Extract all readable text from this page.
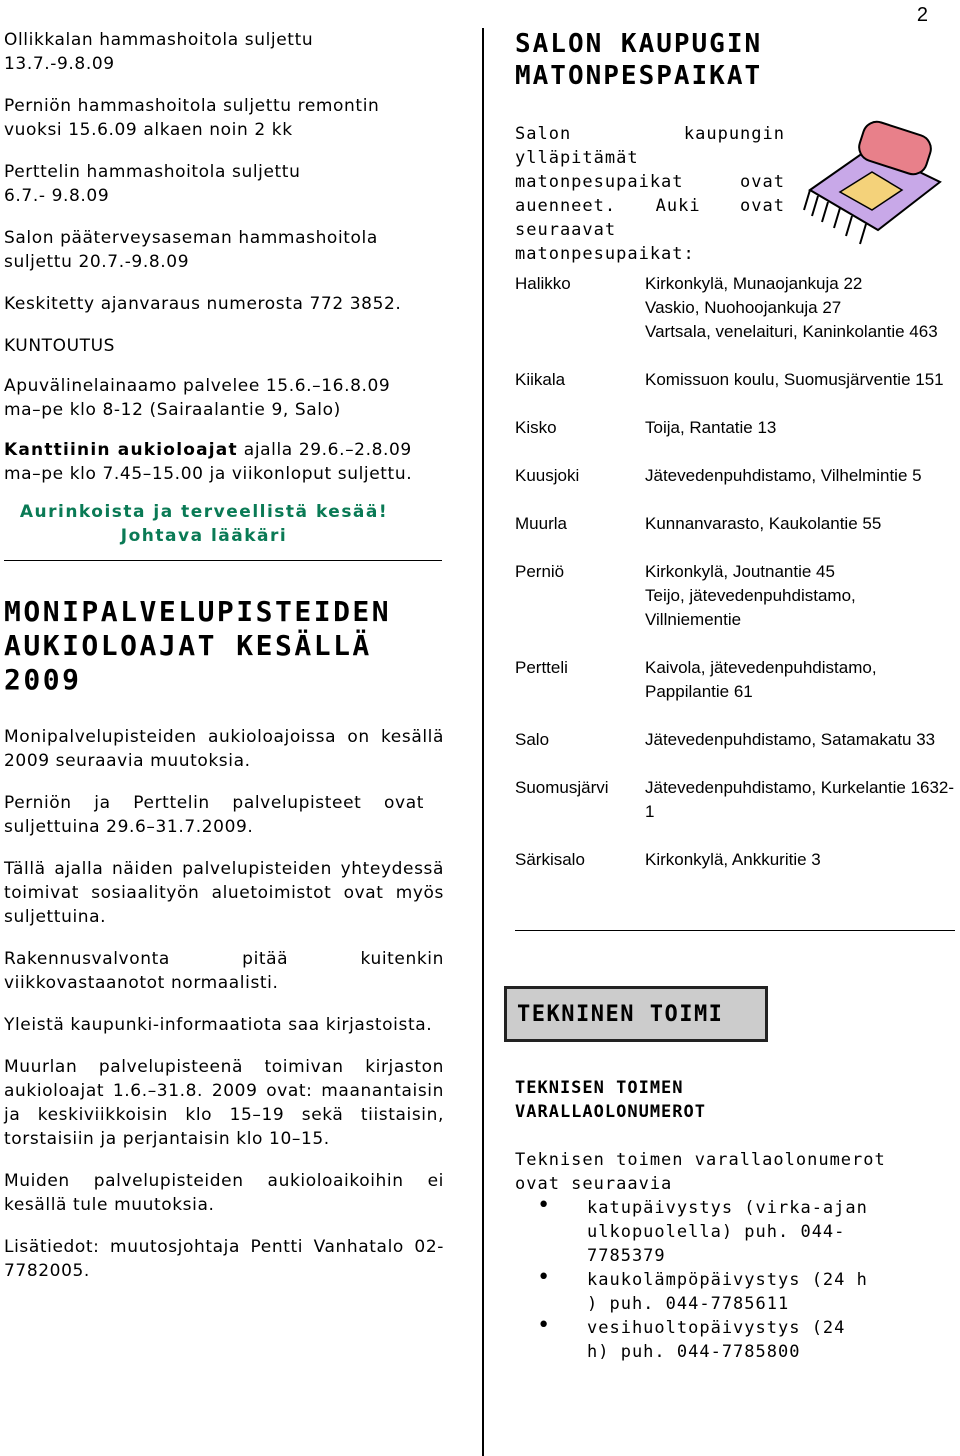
2

Ollikkalan hammashoitola suljettu 13.7.-9.8.09

Perniön hammashoitola suljettu remontin vuoksi 15.6.09 alkaen noin 2 kk

Perttelin hammashoitola suljettu 6.7.- 9.8.09

Salon pääterveysaseman hammashoitola suljettu 20.7.-9.8.09

Keskitetty ajanvaraus numerosta 772 3852.

KUNTOUTUS

Apuvälinelainaamo palvelee 15.6.–16.8.09
ma–pe klo 8-12 (Sairaalantie 9, Salo)

Kanttiinin aukioloajat ajalla 29.6.–2.8.09
ma–pe klo 7.45–15.00 ja viikonloput suljettu.

Aurinkoista ja terveellistä kesää!
Johtava lääkäri
MONIPALVELUPISTEIDEN AUKIOLOAJAT KESÄLLÄ 2009

Monipalvelupisteiden aukioloajoissa on kesällä 2009 seuraavia muutoksia.

Perniön ja Perttelin palvelupisteet ovat suljettuina 29.6–31.7.2009.

Tällä ajalla näiden palvelupisteiden yhteydessä toimivat sosiaalityön aluetoimistot ovat myös suljettuina.

Rakennusvalvonta pitää kuitenkin viikkovastaanotot normaalisti.

Yleistä kaupunki-informaatiota saa kirjastoista.

Muurlan palvelupisteenä toimivan kirjaston aukioloajat 1.6.–31.8. 2009 ovat: maanantaisin ja keskiviikkoisin klo 15–19 sekä tiistaisin, torstaisiin ja perjantaisin klo 10–15.

Muiden palvelupisteiden aukioloaikoihin ei kesällä tule muutoksia.

Lisätiedot: muutosjohtaja Pentti Vanhatalo 02-7782005.

SALON KAUPUGIN MATONPESPAIKAT

Salon kaupungin ylläpitämät matonpesupaikat ovat auenneet. Auki ovat seuraavat matonpesupaikat:

Halikko	Kirkonkylä, Munaojankuja 22
Vaskio, Nuohoojankuja 27
Vartsala, venelaituri, Kaninkolantie 463
Kiikala	Komissuon koulu, Suomusjärventie 151
Kisko	Toija, Rantatie 13
Kuusjoki	Jätevedenpuhdistamo, Vilhelmintie 5
Muurla	Kunnanvarasto, Kaukolantie 55
Perniö	Kirkonkylä, Joutnantie 45
Teijo, jätevedenpuhdistamo,
Villniementie
Pertteli	Kaivola, jätevedenpuhdistamo, Pappilantie 61
Salo	Jätevedenpuhdistamo, Satamakatu 33
Suomusjärvi	Jätevedenpuhdistamo, Kurkelantie 1632-1
Särkisalo	Kirkonkylä, Ankkuritie 3
TEKNINEN TOIMI
TEKNISEN TOIMEN VARALLAOLONUMEROT
Teknisen toimen varallaolonumerot ovat seuraavia
• katupäivystys (virka-ajan ulkopuolella) puh. 044-7785379
• kaukolämpöpäivystys (24 h ) puh. 044-7785611
• vesihuoltopäivystys (24 h) puh. 044-7785800
